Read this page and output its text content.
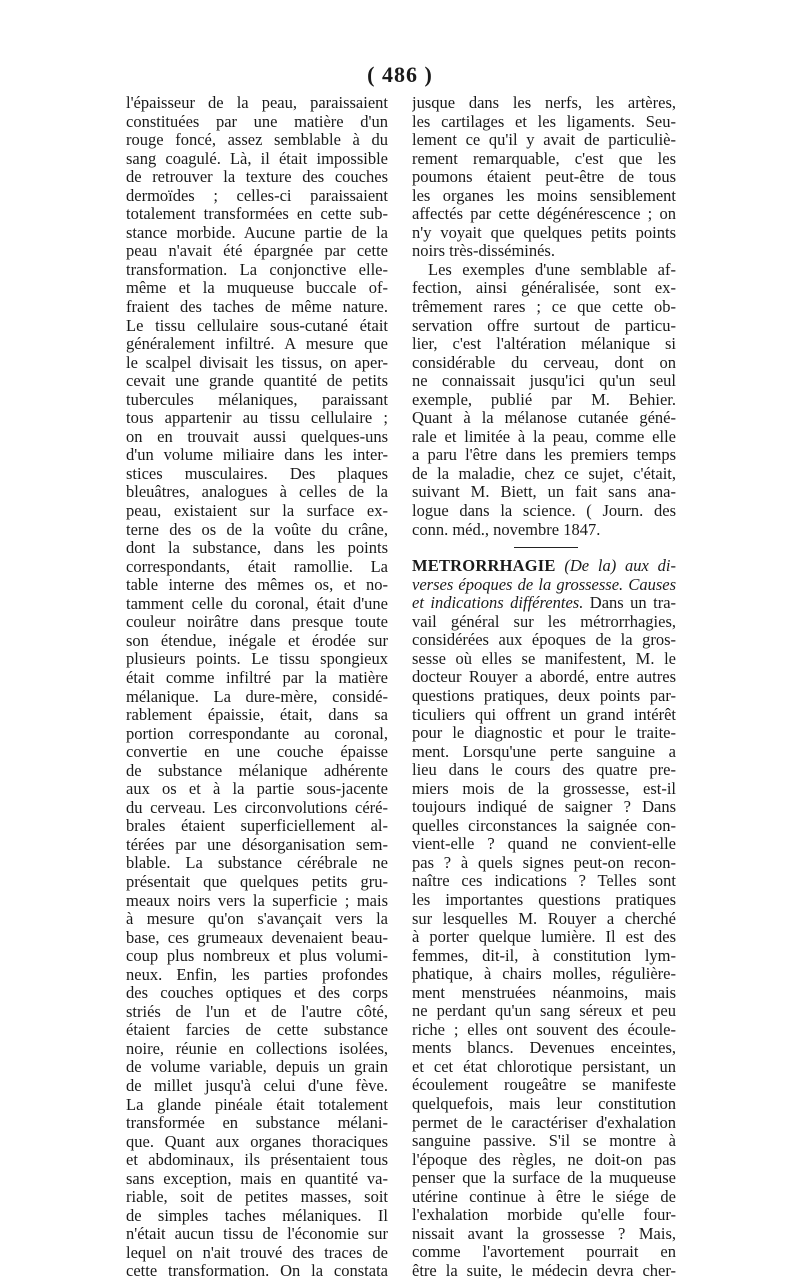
( 486 )
l'épaisseur de la peau, paraissaient
constituées par une matière d'un
rouge foncé, assez semblable à du
sang coagulé. Là, il était impossible
de retrouver la texture des couches
dermoïdes ; celles-ci paraissaient
totalement transformées en cette sub-
stance morbide. Aucune partie de la
peau n'avait été épargnée par cette
transformation. La conjonctive elle-
même et la muqueuse buccale of-
fraient des taches de même nature.
Le tissu cellulaire sous-cutané était
généralement infiltré. A mesure que
le scalpel divisait les tissus, on aper-
cevait une grande quantité de petits
tubercules mélaniques, paraissant
tous appartenir au tissu cellulaire ;
on en trouvait aussi quelques-uns
d'un volume miliaire dans les inter-
stices musculaires. Des plaques
bleuâtres, analogues à celles de la
peau, existaient sur la surface ex-
terne des os de la voûte du crâne,
dont la substance, dans les points
correspondants, était ramollie. La
table interne des mêmes os, et no-
tamment celle du coronal, était d'une
couleur noirâtre dans presque toute
son étendue, inégale et érodée sur
plusieurs points. Le tissu spongieux
était comme infiltré par la matière
mélanique. La dure-mère, considé-
rablement épaissie, était, dans sa
portion correspondante au coronal,
convertie en une couche épaisse
de substance mélanique adhérente
aux os et à la partie sous-jacente
du cerveau. Les circonvolutions céré-
brales étaient superficiellement al-
térées par une désorganisation sem-
blable. La substance cérébrale ne
présentait que quelques petits gru-
meaux noirs vers la superficie ; mais
à mesure qu'on s'avançait vers la
base, ces grumeaux devenaient beau-
coup plus nombreux et plus volumi-
neux. Enfin, les parties profondes
des couches optiques et des corps
striés de l'un et de l'autre côté,
étaient farcies de cette substance
noire, réunie en collections isolées,
de volume variable, depuis un grain
de millet jusqu'à celui d'une fève.
La glande pinéale était totalement
transformée en substance mélani-
que. Quant aux organes thoraciques
et abdominaux, ils présentaient tous
sans exception, mais en quantité va-
riable, soit de petites masses, soit
de simples taches mélaniques. Il
n'était aucun tissu de l'économie sur
lequel on n'ait trouvé des traces de
cette transformation. On la constata
jusque dans les nerfs, les artères,
les cartilages et les ligaments. Seu-
lement ce qu'il y avait de particuliè-
rement remarquable, c'est que les
poumons étaient peut-être de tous
les organes les moins sensiblement
affectés par cette dégénérescence ; on
n'y voyait que quelques petits points
noirs très-disséminés.
Les exemples d'une semblable af-
fection, ainsi généralisée, sont ex-
trêmement rares ; ce que cette ob-
servation offre surtout de particu-
lier, c'est l'altération mélanique si
considérable du cerveau, dont on
ne connaissait jusqu'ici qu'un seul
exemple, publié par M. Behier.
Quant à la mélanose cutanée géné-
rale et limitée à la peau, comme elle
a paru l'être dans les premiers temps
de la maladie, chez ce sujet, c'était,
suivant M. Biett, un fait sans ana-
logue dans la science. ( Journ. des
conn. méd., novembre 1847.
METRORRHAGIE (De la) aux di-
verses époques de la grossesse. Causes
et indications différentes. Dans un tra-
vail général sur les métrorrhagies,
considérées aux époques de la gros-
sesse où elles se manifestent, M. le
docteur Rouyer a abordé, entre autres
questions pratiques, deux points par-
ticuliers qui offrent un grand intérêt
pour le diagnostic et pour le traite-
ment. Lorsqu'une perte sanguine a
lieu dans le cours des quatre pre-
miers mois de la grossesse, est-il
toujours indiqué de saigner ? Dans
quelles circonstances la saignée con-
vient-elle ? quand ne convient-elle
pas ? à quels signes peut-on recon-
naître ces indications ? Telles sont
les importantes questions pratiques
sur lesquelles M. Rouyer a cherché
à porter quelque lumière. Il est des
femmes, dit-il, à constitution lym-
phatique, à chairs molles, régulière-
ment menstruées néanmoins, mais
ne perdant qu'un sang séreux et peu
riche ; elles ont souvent des écoule-
ments blancs. Devenues enceintes,
et cet état chlorotique persistant, un
écoulement rougeâtre se manifeste
quelquefois, mais leur constitution
permet de le caractériser d'exhalation
sanguine passive. S'il se montre à
l'époque des règles, ne doit-on pas
penser que la surface de la muqueuse
utérine continue à être le siége de
l'exhalation morbide qu'elle four-
nissait avant la grossesse ? Mais,
comme l'avortement pourrait en
être la suite, le médecin devra cher-
